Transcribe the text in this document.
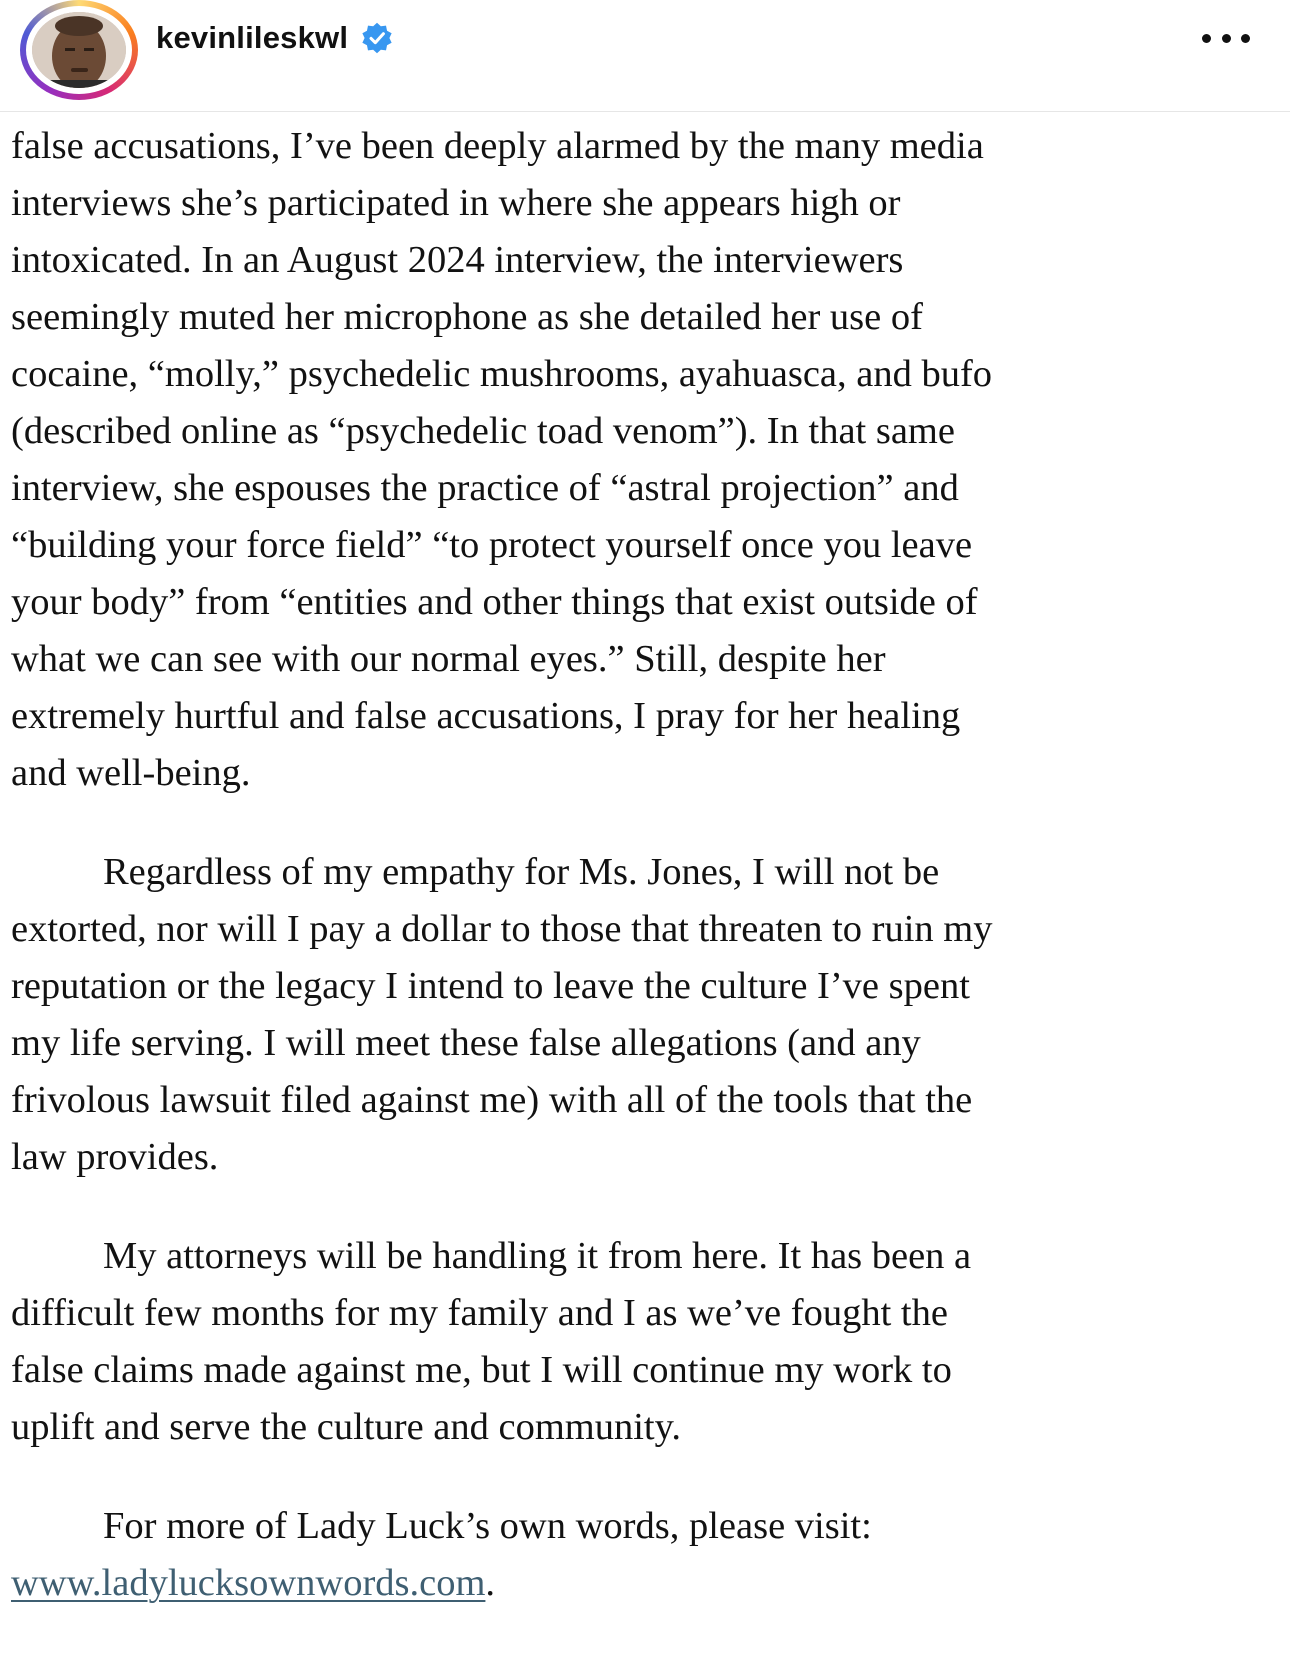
kevinlileskwl
false accusations, I’ve been deeply alarmed by the many media
interviews she’s participated in where she appears high or
intoxicated. In an August 2024 interview, the interviewers
seemingly muted her microphone as she detailed her use of
cocaine, “molly,” psychedelic mushrooms, ayahuasca, and bufo
(described online as “psychedelic toad venom”). In that same
interview, she espouses the practice of “astral projection” and
“building your force field” “to protect yourself once you leave
your body” from “entities and other things that exist outside of
what we can see with our normal eyes.” Still, despite her
extremely hurtful and false accusations, I pray for her healing
and well-being.
Regardless of my empathy for Ms. Jones, I will not be
extorted, nor will I pay a dollar to those that threaten to ruin my
reputation or the legacy I intend to leave the culture I’ve spent
my life serving. I will meet these false allegations (and any
frivolous lawsuit filed against me) with all of the tools that the
law provides.
My attorneys will be handling it from here. It has been a
difficult few months for my family and I as we’ve fought the
false claims made against me, but I will continue my work to
uplift and serve the culture and community.
For more of Lady Luck’s own words, please visit:
www.ladylucksownwords.com.
